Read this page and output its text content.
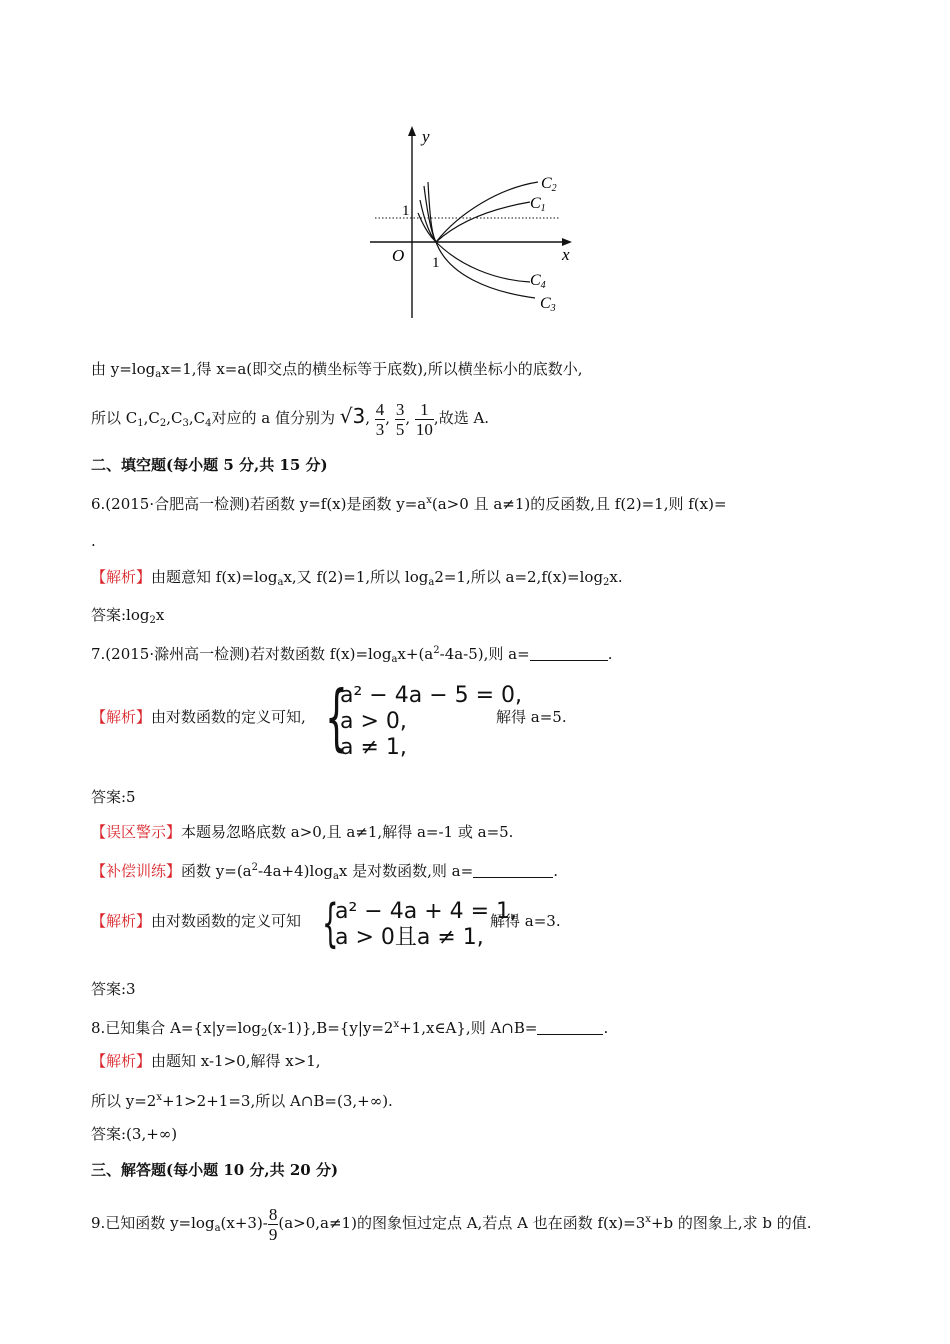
y
x
O
1
1
C2
C1
C4
C3
由 $y=\log_ax=1$,得 x=a(即交点的横坐标等于底数),所以横坐标小的底数小,
所以 $C_1,C_2,C_3,C_4$对应的 a 值分别为 √3, $\frac{4}{3}$ , $\frac{3}{5}$ , $\frac{1}{10}$ ,故选 A.
二、填空题(每小题 5 分,共 15 分)
6.(2015·合肥高一检测)若函数 y=f(x)是函数 $y=a^x(a>0$ 且 a≠1)的反函数,且 f(2)=1,则 f(x)=
.
【解析】由题意知 $f(x)=\log_ax$,又 f(2)=1,所以 $\log_a2=1$,所以 $a=2,f(x)=\log_2x$.
答案$:\log_2x$
7.(2015·滁州高一检测)若对数函数 $f(x)=\log_ax+(a^2-4a-5)$,则 a=	.
【解析】由对数函数的定义可知, {
a² − 4a − 5 = 0,
a > 0,
a ≠ 1,
解得 a=5.
答案:5
【误区警示】本题易忽略底数 a>0,且 a≠1,解得 a=-1 或 a=5.
【补偿训练】函数 $y=(a^2-4a+4)\log_ax$ 是对数函数,则 a=	.
【解析】由对数函数的定义可知 {
a² − 4a + 4 = 1,
a > 0且a ≠ 1,
解得 a=3.
答案:3
8.已知集合 $A=\{x|y=\log_2(x-1)\},B=\{y|y=2^x+1,x\in A\}$,则 A∩B=	.
【解析】由题知 x-1>0,解得 x>1,
所以 $y=2^x+1>2+1=3$,所以 A∩B=(3,+∞).
答案:(3,+∞)
三、解答题(每小题 10 分,共 20 分)
9.已知函数 $y=\log_a(x+3)- \frac{8}{9} (a>0,a\ne 1)$的图象恒过定点 A,若点 A 也在函数 $f(x)=3^x+b$ 的图象上,求 b 的值.
